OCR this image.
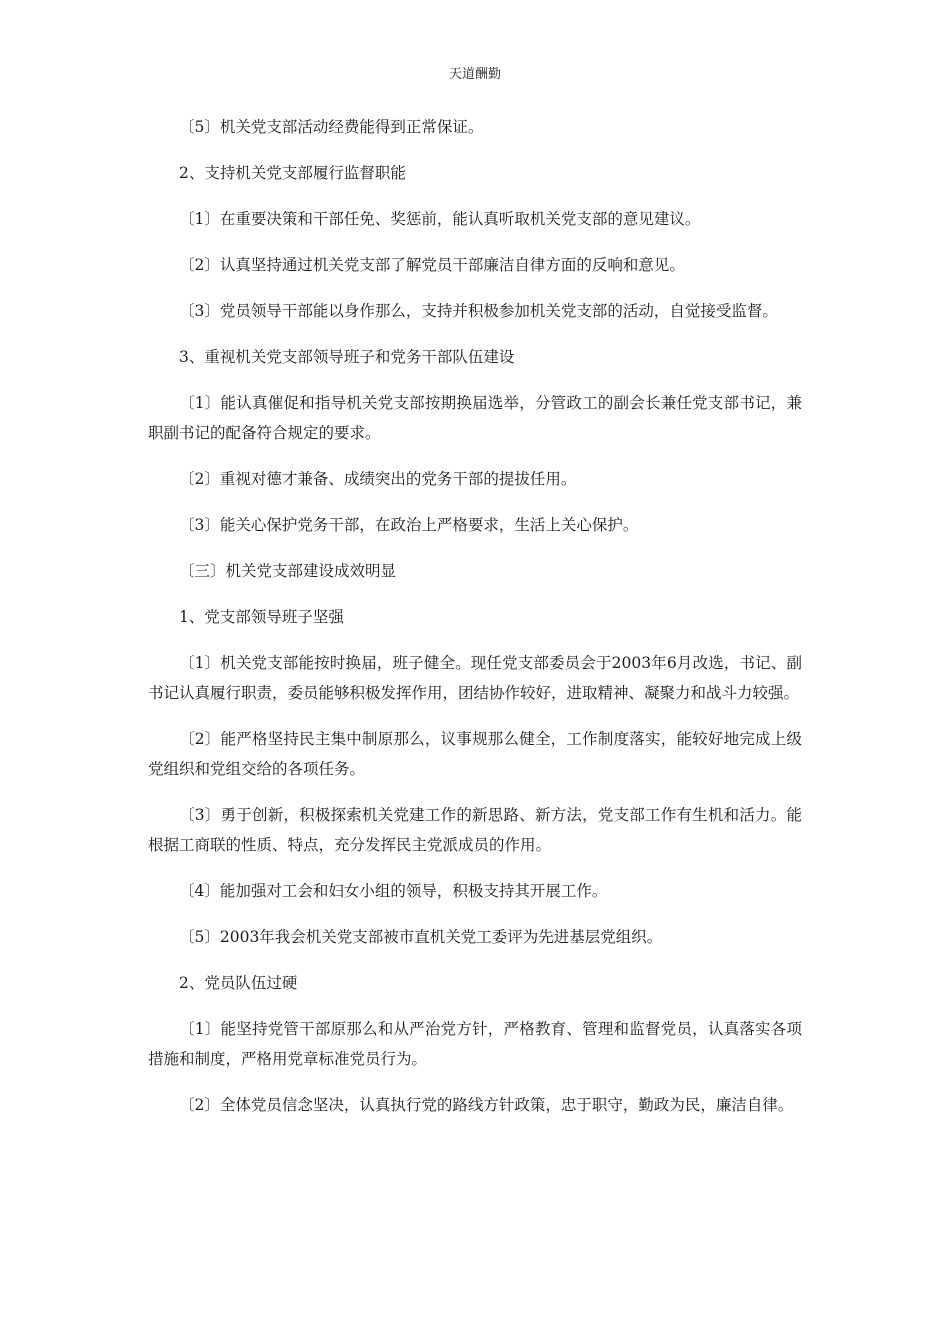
天道酬勤

〔5〕机关党支部活动经费能得到正常保证。

2、支持机关党支部履行监督职能

〔1〕在重要决策和干部任免、奖惩前，能认真听取机关党支部的意见建议。

〔2〕认真坚持通过机关党支部了解党员干部廉洁自律方面的反响和意见。

〔3〕党员领导干部能以身作那么，支持并积极参加机关党支部的活动，自觉接受监督。

3、重视机关党支部领导班子和党务干部队伍建设

〔1〕能认真催促和指导机关党支部按期换届选举，分管政工的副会长兼任党支部书记，兼职副书记的配备符合规定的要求。

〔2〕重视对德才兼备、成绩突出的党务干部的提拔任用。

〔3〕能关心保护党务干部，在政治上严格要求，生活上关心保护。

〔三〕机关党支部建设成效明显

1、党支部领导班子坚强

〔1〕机关党支部能按时换届，班子健全。现任党支部委员会于2003年6月改选，书记、副书记认真履行职责，委员能够积极发挥作用，团结协作较好，进取精神、凝聚力和战斗力较强。

〔2〕能严格坚持民主集中制原那么，议事规那么健全，工作制度落实，能较好地完成上级党组织和党组交给的各项任务。

〔3〕勇于创新，积极探索机关党建工作的新思路、新方法，党支部工作有生机和活力。能根据工商联的性质、特点，充分发挥民主党派成员的作用。

〔4〕能加强对工会和妇女小组的领导，积极支持其开展工作。

〔5〕2003年我会机关党支部被市直机关党工委评为先进基层党组织。

2、党员队伍过硬

〔1〕能坚持党管干部原那么和从严治党方针，严格教育、管理和监督党员，认真落实各项措施和制度，严格用党章标准党员行为。

〔2〕全体党员信念坚决，认真执行党的路线方针政策，忠于职守，勤政为民，廉洁自律。
